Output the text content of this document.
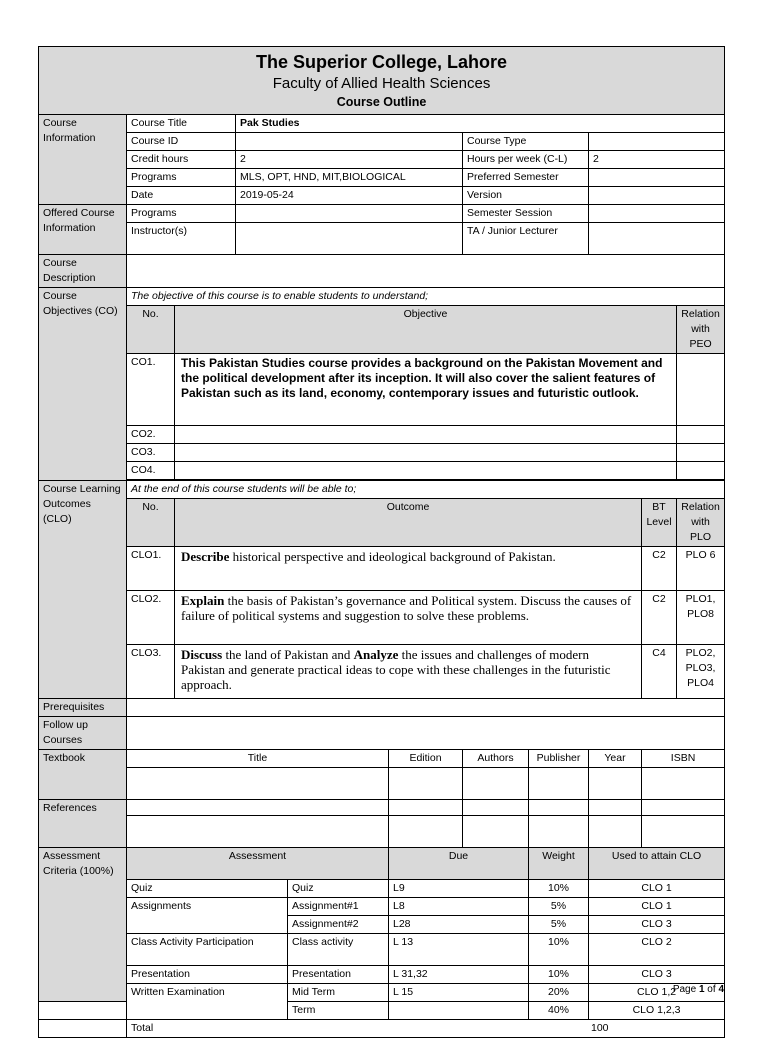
The Superior College, Lahore
Faculty of Allied Health Sciences
Course Outline										

Course Information	Course Title		Pak Studies							
	Course ID					Course Type				
	Credit hours		2			Hours per week (C-L)		2		
	Programs		MLS, OPT, HND, MIT,BIOLOGICAL			Preferred Semester				
	Date		2019-05-24			Version				
Offered Course Information	Programs					Semester Session				
	Instructor(s)					TA / Junior Lecturer				
Course Description										
Course Objectives (CO)	The objective of this course is to enable students to understand;									
	No.	Objective								Relation with PEO
	CO1.	This Pakistan Studies course provides a background on the Pakistan Movement and the political development after its inception. It will also cover the salient features of Pakistan such as its land, economy, contemporary issues and futuristic outlook.								
	CO2.									
	CO3.									
	CO4.									

Course Learning Outcomes (CLO)	At the end of this course students will be able to;									
	No.	Outcome							BT Level	Relation with PLO
	CLO1.	Describe historical perspective and ideological background of Pakistan.							C2	PLO 6
	CLO2.	Explain the basis of Pakistan’s governance and Political system. Discuss the causes of failure of political systems and suggestion to solve these problems.							C2	PLO1, PLO8
	CLO3.	Discuss the land of Pakistan and Analyze the issues and challenges of modern Pakistan and generate practical ideas to cope with these challenges in the futuristic approach.							C4	PLO2, PLO3, PLO4
Prerequisites										
Follow up Courses										
Textbook	Title				Edition	Authors	Publisher	Year	ISBN	

References										

Assessment Criteria (100%)	Assessment				Due		Weight	Used to attain CLO		
	Quiz			Quiz	L9		10%	CLO 1		
	Assignments			Assignment#1	L8		5%	CLO 1		
				Assignment#2	L28		5%	CLO 3		
	Class Activity Participation			Class activity	L 13		10%	CLO 2		
	Presentation			Presentation	L 31,32		10%	CLO 3		
	Written Examination			Mid Term	L 15		20%	CLO 1,2		
				Term			40%	CLO 1,2,3		
	Total 100									
Page 1 of 4
